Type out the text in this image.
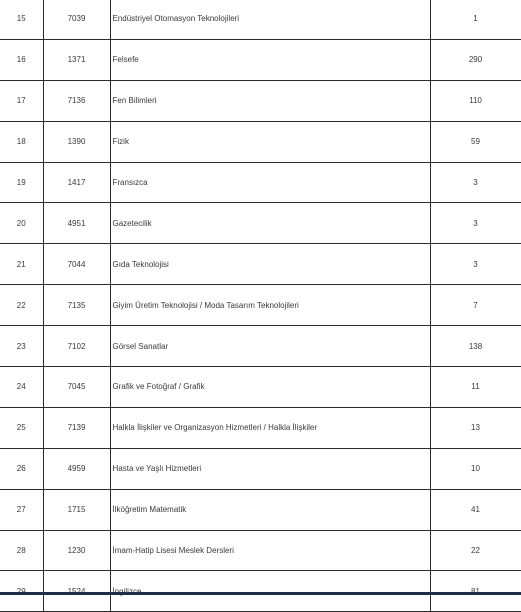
15	7039	Endüstriyel Otomasyon Teknolojileri	1
16	1371	Felsefe	290
17	7136	Fen Bilimleri	110
18	1390	Fizik	59
19	1417	Fransızca	3
20	4951	Gazetecilik	3
21	7044	Gıda Teknolojisi	3
22	7135	Giyim Üretim Teknolojisi / Moda Tasarım Teknolojileri	7
23	7102	Görsel Sanatlar	138
24	7045	Grafik ve Fotoğraf / Grafik	11
25	7139	Halkla İlişkiler ve Organizasyon Hizmetleri / Halkla İlişkiler	13
26	4959	Hasta ve Yaşlı Hizmetleri	10
27	1715	İlköğretim Matematik	41
28	1230	İmam-Hatip Lisesi Meslek Dersleri	22
